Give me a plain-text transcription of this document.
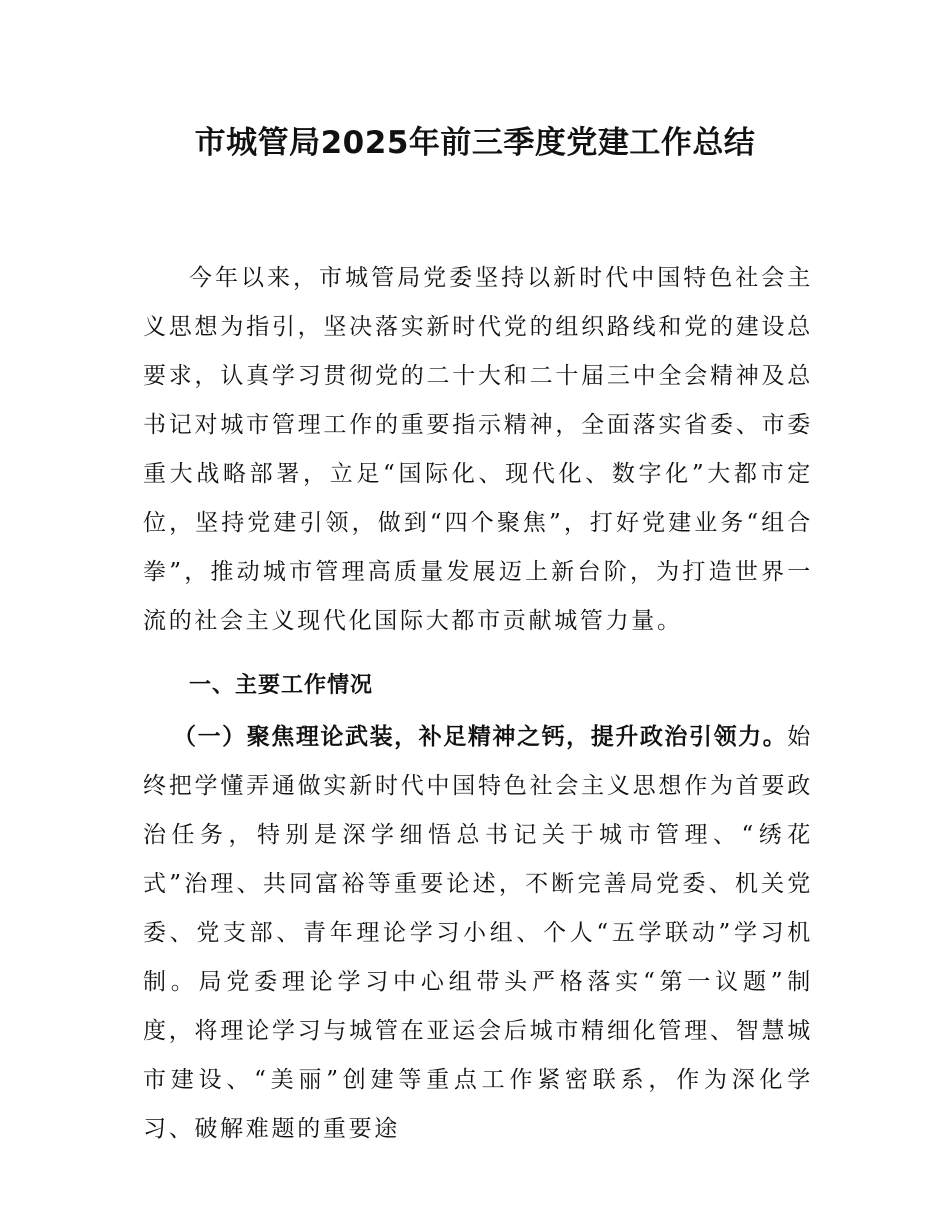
市城管局2025年前三季度党建工作总结

今年以来，市城管局党委坚持以新时代中国特色社会主义思想为指引，坚决落实新时代党的组织路线和党的建设总要求，认真学习贯彻党的二十大和二十届三中全会精神及总书记对城市管理工作的重要指示精神，全面落实省委、市委重大战略部署，立足“国际化、现代化、数字化”大都市定位，坚持党建引领，做到“四个聚焦”，打好党建业务“组合拳”，推动城市管理高质量发展迈上新台阶，为打造世界一流的社会主义现代化国际大都市贡献城管力量。

一、主要工作情况

（一）聚焦理论武装，补足精神之钙，提升政治引领力。始终把学懂弄通做实新时代中国特色社会主义思想作为首要政治任务，特别是深学细悟总书记关于城市管理、“绣花式”治理、共同富裕等重要论述，不断完善局党委、机关党委、党支部、青年理论学习小组、个人“五学联动”学习机制。局党委理论学习中心组带头严格落实“第一议题”制度，将理论学习与城管在亚运会后城市精细化管理、智慧城市建设、“美丽”创建等重点工作紧密联系，作为深化学习、破解难题的重要途
